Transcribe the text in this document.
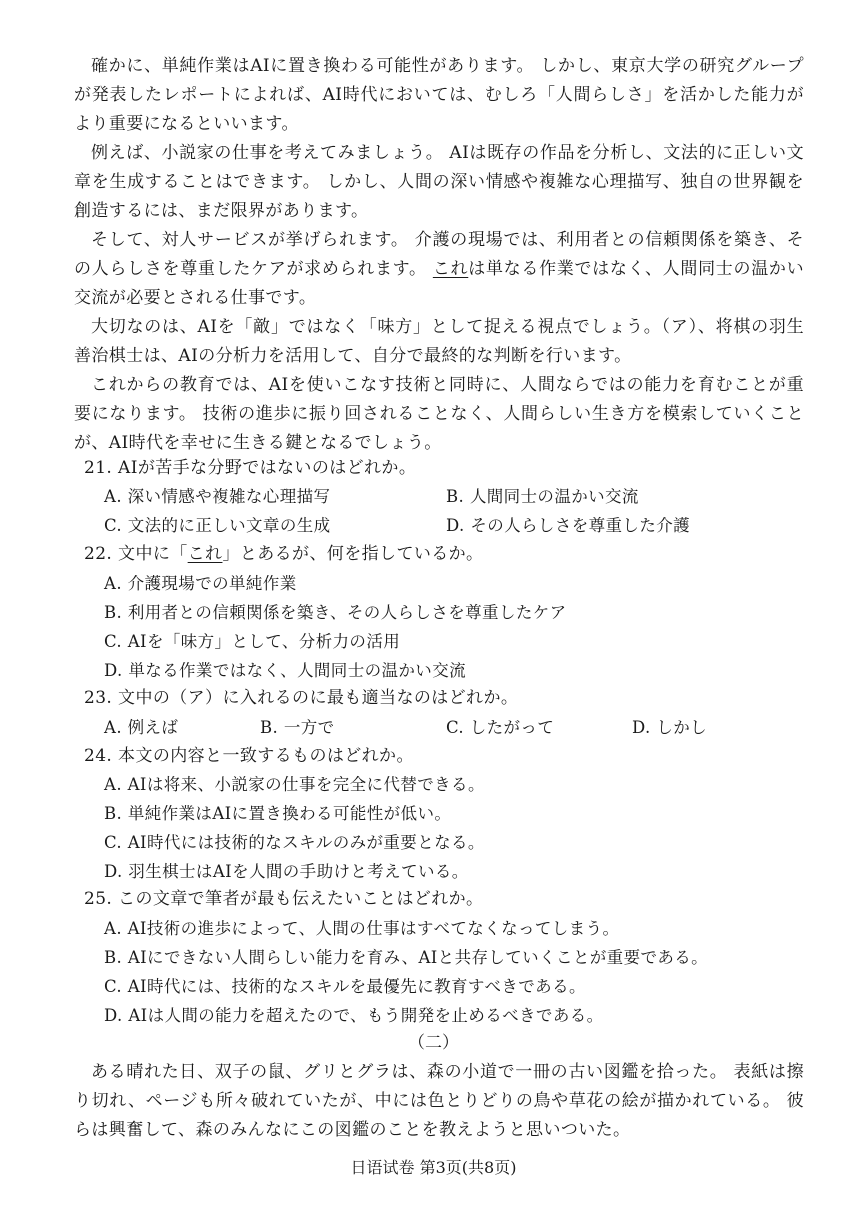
確かに、単純作業はAIに置き換わる可能性があります。 しかし、東京大学の研究グループが発表したレポートによれば、AI時代においては、むしろ「人間らしさ」を活かした能力がより重要になるといいます。

例えば、小説家の仕事を考えてみましょう。 AIは既存の作品を分析し、文法的に正しい文章を生成することはできます。 しかし、人間の深い情感や複雑な心理描写、独自の世界観を創造するには、まだ限界があります。

そして、対人サービスが挙げられます。 介護の現場では、利用者との信頼関係を築き、その人らしさを尊重したケアが求められます。 これは単なる作業ではなく、人間同士の温かい交流が必要とされる仕事です。

大切なのは、AIを「敵」ではなく「味方」として捉える視点でしょう。（ア）、将棋の羽生善治棋士は、AIの分析力を活用して、自分で最終的な判断を行います。

これからの教育では、AIを使いこなす技術と同時に、人間ならではの能力を育むことが重要になります。 技術の進歩に振り回されることなく、人間らしい生き方を模索していくことが、AI時代を幸せに生きる鍵となるでしょう。

21. AIが苦手な分野ではないのはどれか。
A. 深い情感や複雑な心理描写	B. 人間同士の温かい交流
C. 文法的に正しい文章の生成	D. その人らしさを尊重した介護
22. 文中に「これ」とあるが、何を指しているか。
A. 介護現場での単純作業
B. 利用者との信頼関係を築き、その人らしさを尊重したケア
C. AIを「味方」として、分析力の活用
D. 単なる作業ではなく、人間同士の温かい交流
23. 文中の（ア）に入れるのに最も適当なのはどれか。
A. 例えば	B. 一方で	C. したがって	D. しかし
24. 本文の内容と一致するものはどれか。
A. AIは将来、小説家の仕事を完全に代替できる。
B. 単純作業はAIに置き換わる可能性が低い。
C. AI時代には技術的なスキルのみが重要となる。
D. 羽生棋士はAIを人間の手助けと考えている。
25. この文章で筆者が最も伝えたいことはどれか。
A. AI技術の進歩によって、人間の仕事はすべてなくなってしまう。
B. AIにできない人間らしい能力を育み、AIと共存していくことが重要である。
C. AI時代には、技術的なスキルを最優先に教育すべきである。
D. AIは人間の能力を超えたので、もう開発を止めるべきである。
（二）

ある晴れた日、双子の鼠、グリとグラは、森の小道で一冊の古い図鑑を拾った。 表紙は擦り切れ、ページも所々破れていたが、中には色とりどりの鳥や草花の絵が描かれている。 彼らは興奮して、森のみんなにこの図鑑のことを教えようと思いついた。

日语试卷 第3页(共8页)
